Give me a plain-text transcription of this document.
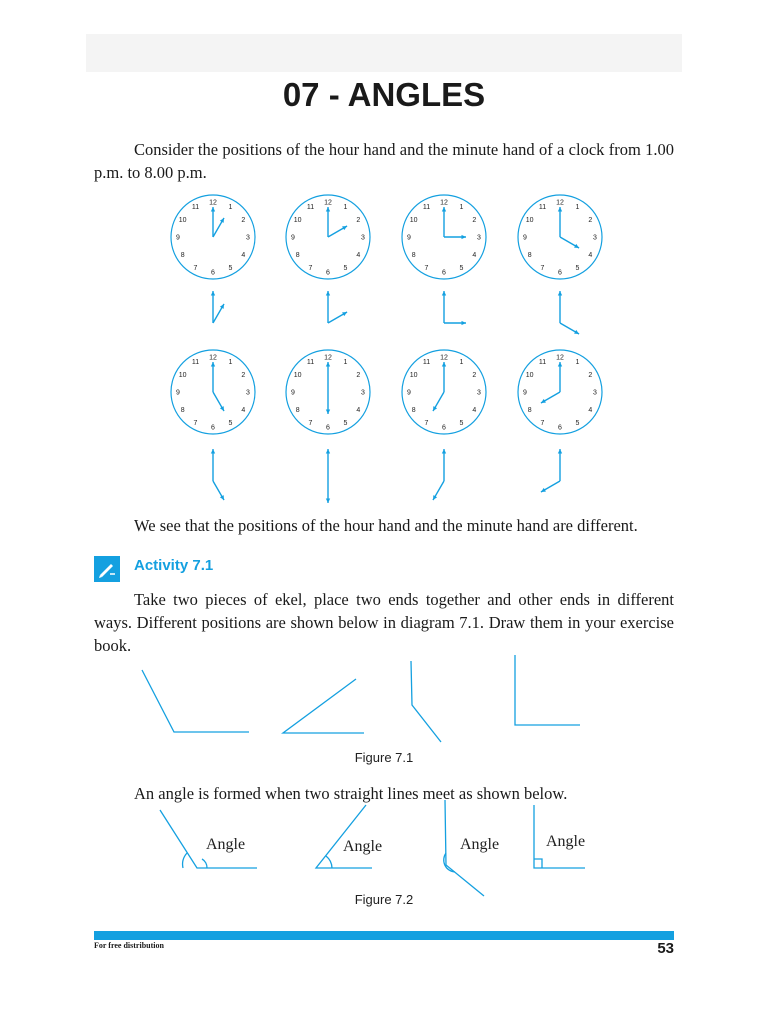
07 - ANGLES

Consider the positions of the hour hand and the minute hand of a clock from 1.00 p.m. to 8.00 p.m.

12
1
2
3
4
5
6
7
8
9
10
11
12
1
2
3
4
5
6
7
8
9
10
11
12
1
2
3
4
5
6
7
8
9
10
11
12
1
2
3
4
5
6
7
8
9
10
11
12
1
2
3
4
5
6
7
8
9
10
11
12
1
2
3
4
5
6
7
8
9
10
11
12
1
2
3
4
5
6
7
8
9
10
11
12
1
2
3
4
5
6
7
8
9
10
11

We see that the positions of the hour hand and the minute hand are different.

Activity 7.1

Take two pieces of ekel, place two ends together and other ends in different ways. Different positions are shown below in diagram 7.1. Draw them in your exercise book.

Figure 7.1

An angle is formed when two straight lines meet as shown below.

Angle	Angle	Angle	Angle
Figure 7.2
For free distribution	53
